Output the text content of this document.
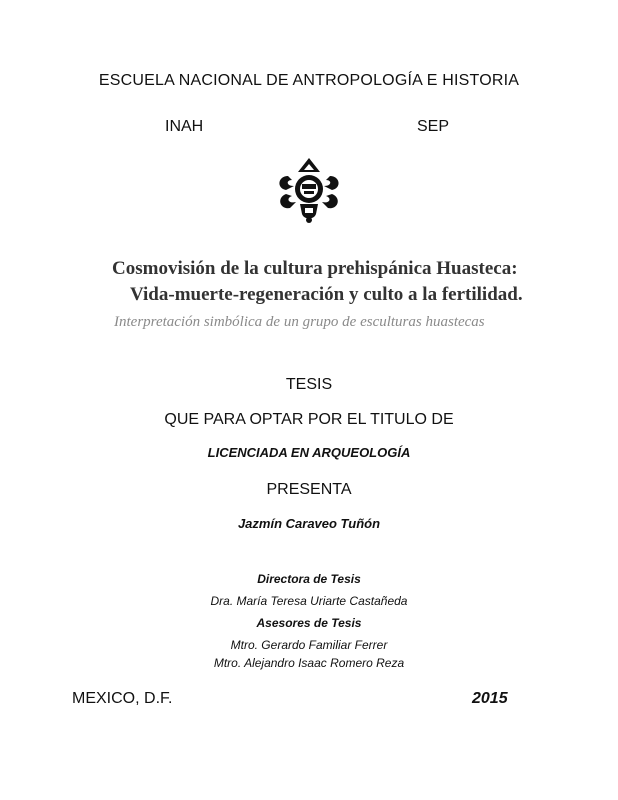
ESCUELA NACIONAL DE ANTROPOLOGÍA E HISTORIA
INAH	SEP
Cosmovisión de la cultura prehispánica Huasteca:
Vida-muerte-regeneración y culto a la fertilidad.
Interpretación simbólica de un grupo de esculturas huastecas
TESIS
QUE PARA OPTAR POR EL TITULO DE
LICENCIADA EN ARQUEOLOGÍA
PRESENTA
Jazmín Caraveo Tuñón
Directora de Tesis
Dra. María Teresa Uriarte Castañeda
Asesores de Tesis
Mtro. Gerardo Familiar Ferrer
Mtro. Alejandro Isaac Romero Reza
MEXICO, D.F.	2015
